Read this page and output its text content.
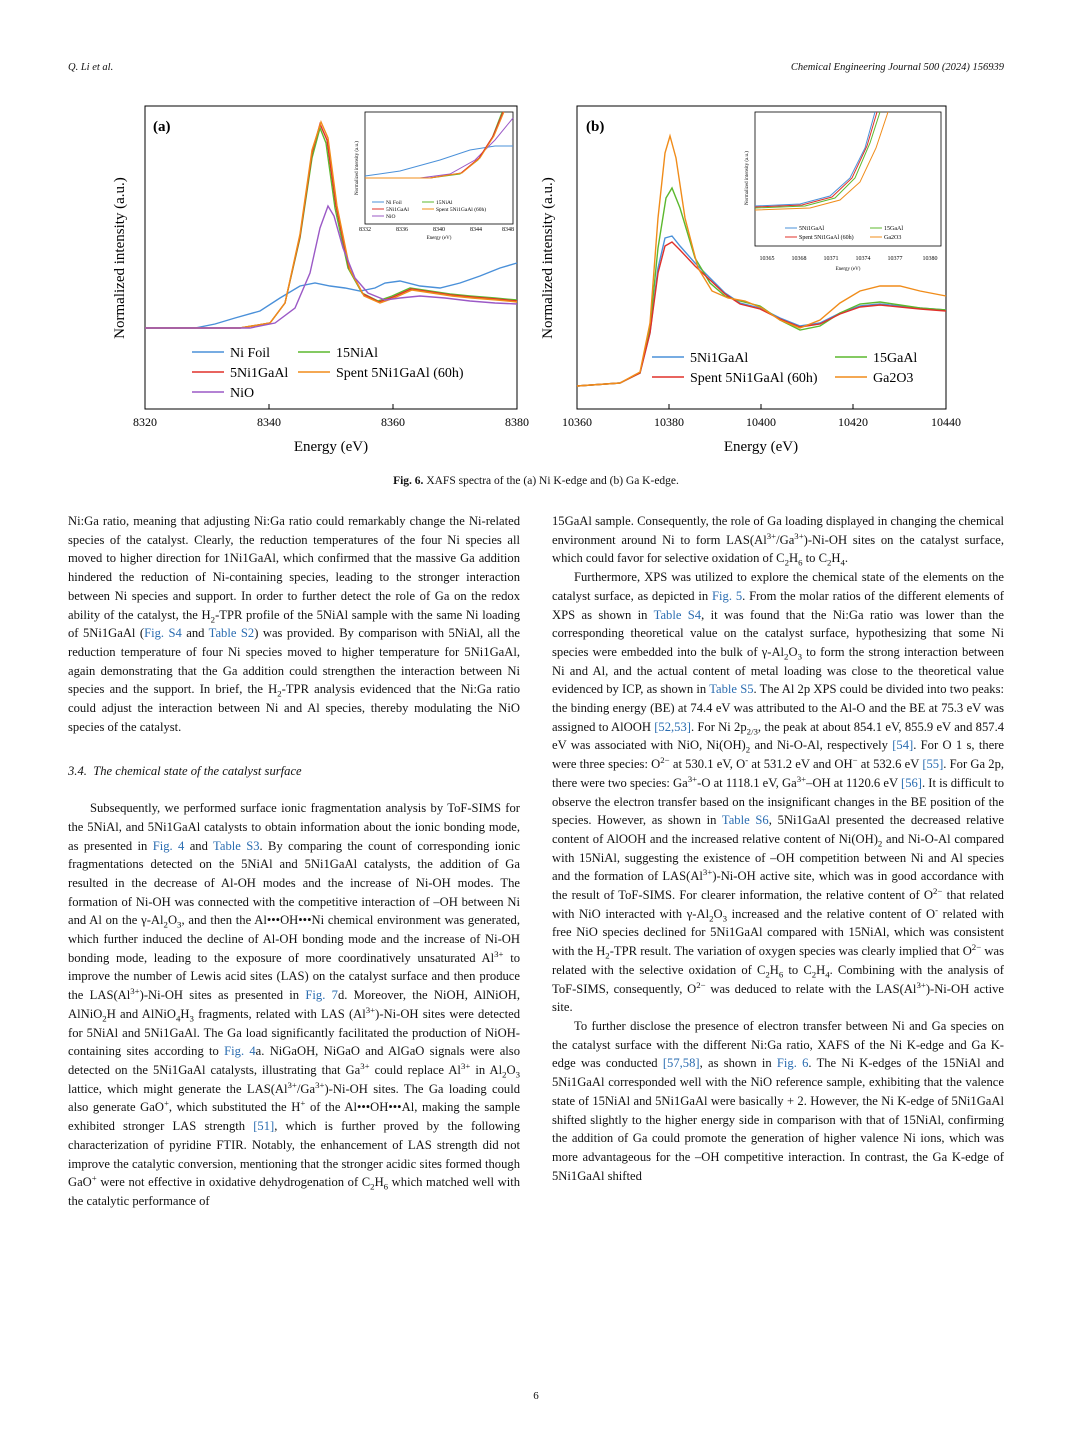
Q. Li et al.	Chemical Engineering Journal 500 (2024) 156939
(a)
8320	8340	8360	8380
Energy (eV)
Normalized intensity (a.u.)
Ni Foil	15NiAl
5Ni1GaAl	Spent 5Ni1GaAl (60h)
NiO
Normalized intensity (a.u.)
8332	8336	8340	8344	8348
Energy (eV)
Ni Foil	15NiAl
5Ni1GaAl	Spent 5Ni1GaAl (60h)
NiO
(b)
10360	10380	10400	10420	10440
Energy (eV)
Normalized intensity (a.u.)
5Ni1GaAl	15GaAl
Spent 5Ni1GaAl (60h)	Ga2O3
Normalized intensity (a.u.)
10365	10368	10371	10374	10377	10380
Energy (eV)
5Ni1GaAl	15GaAl
Spent 5Ni1GaAl (60h)	Ga2O3
Fig. 6. XAFS spectra of the (a) Ni K-edge and (b) Ga K-edge.

Ni:Ga ratio, meaning that adjusting Ni:Ga ratio could remarkably change the Ni-related species of the catalyst. Clearly, the reduction temperatures of the four Ni species all moved to higher direction for 1Ni1GaAl, which confirmed that the massive Ga addition hindered the reduction of Ni-containing species, leading to the stronger interaction between Ni species and support. In order to further detect the role of Ga on the redox ability of the catalyst, the $H_2$-TPR profile of the 5NiAl sample with the same Ni loading of 5Ni1GaAl (Fig. S4 and Table S2) was provided. By comparison with 5NiAl, all the reduction temperature of four Ni species moved to higher temperature for 5Ni1GaAl, again demonstrating that the Ga addition could strengthen the interaction between Ni species and the support. In brief, the $H_2$-TPR analysis evidenced that the Ni:Ga ratio could adjust the interaction between Ni and Al species, thereby modulating the NiO species of the catalyst.

3.4. The chemical state of the catalyst surface

Subsequently, we performed surface ionic fragmentation analysis by ToF-SIMS for the 5NiAl, and 5Ni1GaAl catalysts to obtain information about the ionic bonding mode, as presented in Fig. 4 and Table S3. By comparing the count of corresponding ionic fragmentations detected on the 5NiAl and 5Ni1GaAl catalysts, the addition of Ga resulted in the decrease of Al-OH modes and the increase of Ni-OH modes. The formation of Ni-OH was connected with the competitive interaction of –OH between Ni and Al on the $\gamma-Al_2O_3$, and then the Al•••OH•••Ni chemical environment was generated, which further induced the decline of Al-OH bonding mode and the increase of Ni-OH bonding mode, leading to the exposure of more coordinatively unsaturated $Al^{3+}$ to improve the number of Lewis acid sites (LAS) on the catalyst surface and then produce the $LAS(Al^{3+})-Ni-OH$ sites as presented in Fig. 7d. Moreover, the NiOH, AlNiOH, AlNiO$_2$H and $AlNiO_4H_3$ fragments, related with LAS $(Al^{3+})-Ni-OH$ sites were detected for 5NiAl and 5Ni1GaAl. The Ga load significantly facilitated the production of NiOH-containing sites according to Fig. 4a. NiGaOH, NiGaO and AlGaO signals were also detected on the 5Ni1GaAl catalysts, illustrating that $Ga^{3+}$ could replace $Al^{3+}$ in $Al_2O_3$ lattice, which might generate the $LAS(Al^{3+}/Ga^{3+})-Ni-OH$ sites. The Ga loading could also generate GaO+, which substituted the H+ of the Al•••OH•••Al, making the sample exhibited stronger LAS strength [51], which is further proved by the following characterization of pyridine FTIR. Notably, the enhancement of LAS strength did not improve the catalytic conversion, mentioning that the stronger acidic sites formed though GaO+ were not effective in oxidative dehydrogenation of $C_2H_6$ which matched well with the catalytic performance of

15GaAl sample. Consequently, the role of Ga loading displayed in changing the chemical environment around Ni to form $LAS(Al^{3+}/Ga^{3+})-Ni-OH$ sites on the catalyst surface, which could favor for selective oxidation of $C_2H_6$ to $C_2H_4$.

Furthermore, XPS was utilized to explore the chemical state of the elements on the catalyst surface, as depicted in Fig. 5. From the molar ratios of the different elements of XPS as shown in Table S4, it was found that the Ni:Ga ratio was lower than the corresponding theoretical value on the catalyst surface, hypothesizing that some Ni species were embedded into the bulk of $\gamma-Al_2O_3$ to form the strong interaction between Ni and Al, and the actual content of metal loading was close to the theoretical value evidenced by ICP, as shown in Table S5. The Al 2p XPS could be divided into two peaks: the binding energy (BE) at 74.4 eV was attributed to the Al-O and the BE at 75.3 eV was assigned to AlOOH [52,53]. For Ni $2p_{2/3}$, the peak at about 854.1 eV, 855.9 eV and 857.4 eV was associated with NiO, $Ni(OH)_2$ and Ni-O-Al, respectively [54]. For O 1 s, there were three species: $O^{2-}$ at 530.1 eV, O- at 531.2 eV and OH− at 532.6 eV [55]. For Ga 2p, there were two species: $Ga^{3+}-O$ at 1118.1 eV, $Ga^{3+}-OH$ at 1120.6 eV [56]. It is difficult to observe the electron transfer based on the insignificant changes in the BE position of the species. However, as shown in Table S6, 5Ni1GaAl presented the decreased relative content of AlOOH and the increased relative content of $Ni(OH)_2$ and Ni-O-Al compared with 15NiAl, suggesting the existence of –OH competition between Ni and Al species and the formation of $LAS(Al^{3+})-Ni-OH$ active site, which was in good accordance with the result of ToF-SIMS. For clearer information, the relative content of $O^{2-}$ that related with NiO interacted with $\gamma-Al_2O_3$ increased and the relative content of O- related with free NiO species declined for 5Ni1GaAl compared with 15NiAl, which was consistent with the $H_2$-TPR result. The variation of oxygen species was clearly implied that $O^{2-}$ was related with the selective oxidation of $C_2H_6$ to $C_2H_4$. Combining with the analysis of ToF-SIMS, consequently, $O^{2-}$ was deduced to relate with the $LAS(Al^{3+})-Ni-OH$ active site.

To further disclose the presence of electron transfer between Ni and Ga species on the catalyst surface with the different Ni:Ga ratio, XAFS of the Ni K-edge and Ga K-edge was conducted [57,58], as shown in Fig. 6. The Ni K-edges of the 15NiAl and 5Ni1GaAl corresponded well with the NiO reference sample, exhibiting that the valence state of 15NiAl and 5Ni1GaAl were basically + 2. However, the Ni K-edge of 5Ni1GaAl shifted slightly to the higher energy side in comparison with that of 15NiAl, confirming the addition of Ga could promote the generation of higher valence Ni ions, which was more advantageous for the –OH competitive interaction. In contrast, the Ga K-edge of 5Ni1GaAl shifted

6
